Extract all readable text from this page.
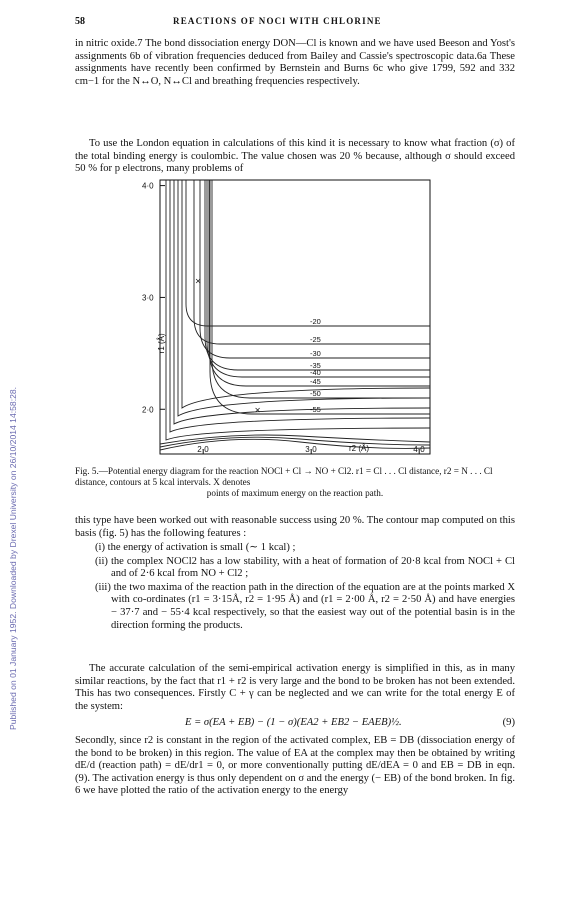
Published on 01 January 1952. Downloaded by Drexel University on 26/10/2014 14:58:28.
58	REACTIONS OF NOCl WITH CHLORINE

in nitric oxide.7 The bond dissociation energy DON—Cl is known and we have used Beeson and Yost's assignments 6b of vibration frequencies deduced from Bailey and Cassie's spectroscopic data.6a These assignments have recently been confirmed by Bernstein and Burns 6c who give 1799, 592 and 332 cm−1 for the N↔O, N↔Cl and breathing frequencies respectively.

To use the London equation in calculations of this kind it is necessary to know what fraction (σ) of the total binding energy is coulombic. The value chosen was 20 % because, although σ should exceed 50 % for p electrons, many problems of

-20
-25
-30
-35
-40
-45
-50
-55
2·0	3·0	4·0
2·0
3·0
4·0
r2 (Å)
r1 (Å)
×
×

Fig. 5.—Potential energy diagram for the reaction NOCl + Cl → NO + Cl2. r1 = Cl . . . Cl distance, r2 = N . . . Cl distance, contours at 5 kcal intervals. X denotes
points of maximum energy on the reaction path.

this type have been worked out with reasonable success using 20 %. The contour map computed on this basis (fig. 5) has the following features :

(i) the energy of activation is small (∼ 1 kcal) ;
(ii) the complex NOCl2 has a low stability, with a heat of formation of 20·8 kcal from NOCl + Cl and of 2·6 kcal from NO + Cl2 ;
(iii) the two maxima of the reaction path in the direction of the equation are at the points marked X with co-ordinates (r1 = 3·15Å, r2 = 1·95 Å) and (r1 = 2·00 Å, r2 = 2·50 Å) and have energies − 37·7 and − 55·4 kcal respectively, so that the easiest way out of the potential basin is in the direction forming the products.

The accurate calculation of the semi-empirical activation energy is simplified in this, as in many similar reactions, by the fact that r1 + r2 is very large and the bond to be broken has not been extended. This has two consequences. Firstly C + γ can be neglected and we can write for the total energy E of the system:

E = σ(EA + EB) − (1 − σ)(EA2 + EB2 − EAEB)½.	(9)

Secondly, since r2 is constant in the region of the activated complex, EB = DB (dissociation energy of the bond to be broken) in this region. The value of EA at the complex may then be obtained by writing dE/d (reaction path) = dE/dr1 = 0, or more conventionally putting dE/dEA = 0 and EB = DB in eqn. (9). The activation energy is thus only dependent on σ and the energy (− EB) of the bond broken. In fig. 6 we have plotted the ratio of the activation energy to the energy
